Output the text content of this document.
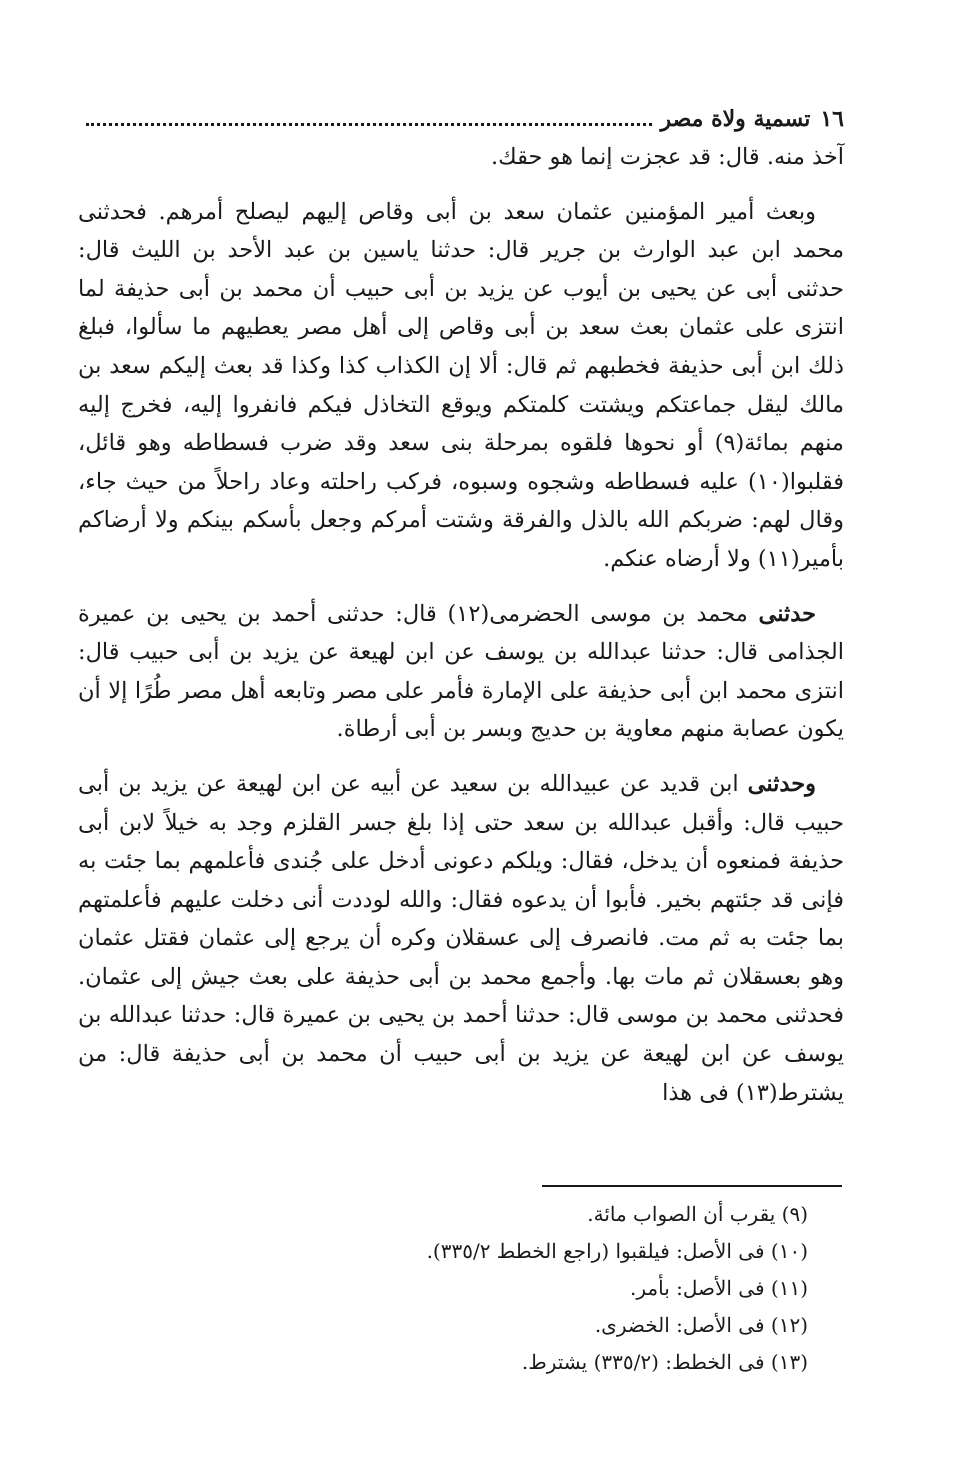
١٦
تسمية ولاة مصر

آخذ منه. قال: قد عجزت إنما هو حقك.

وبعث أمير المؤمنين عثمان سعد بن أبى وقاص إليهم ليصلح أمرهم. فحدثنى محمد ابن عبد الوارث بن جرير قال: حدثنا ياسين بن عبد الأحد بن الليث قال: حدثنى أبى عن يحيى بن أيوب عن يزيد بن أبى حبيب أن محمد بن أبى حذيفة لما انتزى على عثمان بعث سعد بن أبى وقاص إلى أهل مصر يعطيهم ما سألوا، فبلغ ذلك ابن أبى حذيفة فخطبهم ثم قال: ألا إن الكذاب كذا وكذا قد بعث إليكم سعد بن مالك ليقل جماعتكم ويشتت كلمتكم ويوقع التخاذل فيكم فانفروا إليه، فخرج إليه منهم بمائة(٩) أو نحوها فلقوه بمرحلة بنى سعد وقد ضرب فسطاطه وهو قائل، فقلبوا(١٠) عليه فسطاطه وشجوه وسبوه، فركب راحلته وعاد راحلاً من حيث جاء، وقال لهم: ضربكم الله بالذل والفرقة وشتت أمركم وجعل بأسكم بينكم ولا أرضاكم بأمير(١١) ولا أرضاه عنكم.

حدثنى محمد بن موسى الحضرمى(١٢) قال: حدثنى أحمد بن يحيى بن عميرة الجذامى قال: حدثنا عبدالله بن يوسف عن ابن لهيعة عن يزيد بن أبى حبيب قال: انتزى محمد ابن أبى حذيفة على الإمارة فأمر على مصر وتابعه أهل مصر طُرًا إلا أن يكون عصابة منهم معاوية بن حديج وبسر بن أبى أرطاة.

وحدثنى ابن قديد عن عبيدالله بن سعيد عن أبيه عن ابن لهيعة عن يزيد بن أبى حبيب قال: وأقبل عبدالله بن سعد حتى إذا بلغ جسر القلزم وجد به خيلاً لابن أبى حذيفة فمنعوه أن يدخل، فقال: ويلكم دعونى أدخل على جُندى فأعلمهم بما جئت به فإنى قد جئتهم بخير. فأبوا أن يدعوه فقال: والله لوددت أنى دخلت عليهم فأعلمتهم بما جئت به ثم مت. فانصرف إلى عسقلان وكره أن يرجع إلى عثمان فقتل عثمان وهو بعسقلان ثم مات بها. وأجمع محمد بن أبى حذيفة على بعث جيش إلى عثمان. فحدثنى محمد بن موسى قال: حدثنا أحمد بن يحيى بن عميرة قال: حدثنا عبدالله بن يوسف عن ابن لهيعة عن يزيد بن أبى حبيب أن محمد بن أبى حذيفة قال: من يشترط(١٣) فى هذا

(٩) يقرب أن الصواب مائة.

(١٠) فى الأصل: فيلقبوا (راجع الخطط ٣٣٥/٢).

(١١) فى الأصل: بأمر.

(١٢) فى الأصل: الخضرى.

(١٣) فى الخطط: (٣٣٥/٢) يشترط.
